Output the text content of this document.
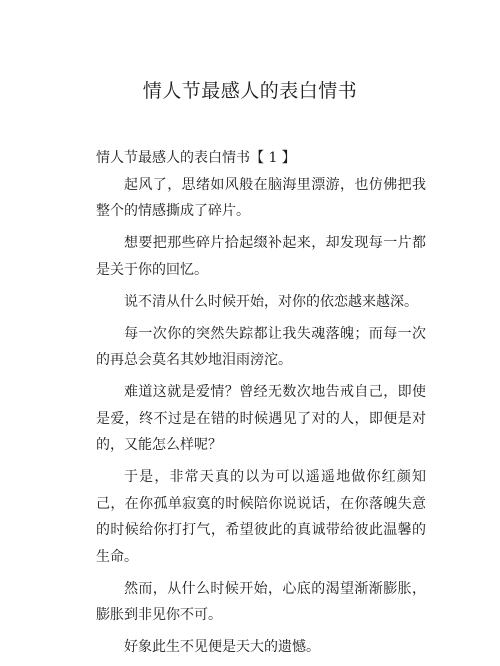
情人节最感人的表白情书

情人节最感人的表白情书【 1 】

起风了，思绪如风般在脑海里漂游，也仿佛把我整个的情感撕成了碎片。

想要把那些碎片拾起缀补起来，却发现每一片都是关于你的回忆。

说不清从什么时候开始，对你的依恋越来越深。

每一次你的突然失踪都让我失魂落魄；而每一次的再总会莫名其妙地泪雨滂沱。

难道这就是爱情？曾经无数次地告戒自己，即使是爱，终不过是在错的时候遇见了对的人，即便是对的，又能怎么样呢？

于是，非常天真的以为可以遥遥地做你红颜知己，在你孤单寂寞的时候陪你说说话，在你落魄失意的时候给你打打气，希望彼此的真诚带给彼此温馨的生命。

然而，从什么时候开始，心底的渴望渐渐膨胀，膨胀到非见你不可。

好象此生不见便是天大的遗憾。
